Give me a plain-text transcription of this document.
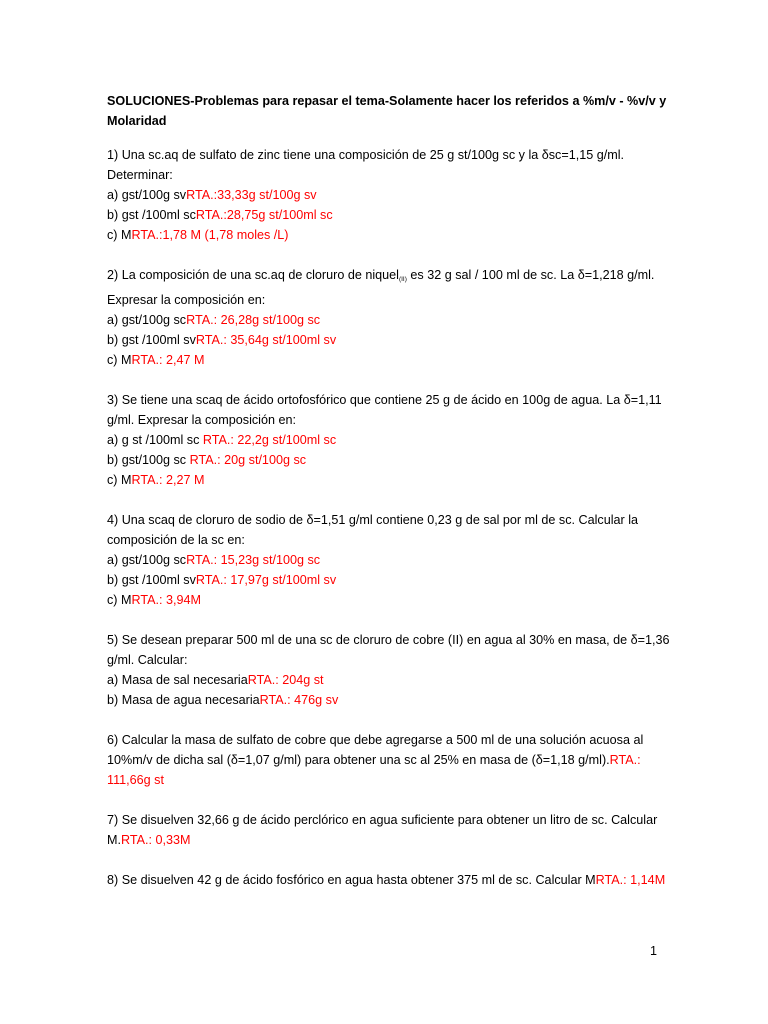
SOLUCIONES-Problemas para repasar el tema-Solamente hacer los referidos a %m/v - %v/v y Molaridad

1) Una sc.aq de sulfato de zinc tiene una composición de 25 g st/100g sc y la δsc=1,15 g/ml. Determinar:

a) gst/100g svRTA.:33,33g st/100g sv

b) gst /100ml scRTA.:28,75g st/100ml sc

c) MRTA.:1,78 M (1,78 moles /L)

2) La composición de una sc.aq de cloruro de niquel$_{(II)}$ es 32 g sal / 100 ml de sc. La δ=1,218 g/ml. Expresar la composición en:

a) gst/100g scRTA.: 26,28g st/100g sc

b) gst /100ml svRTA.: 35,64g st/100ml sv

c) MRTA.: 2,47 M

3) Se tiene una scaq de ácido ortofosfórico que contiene 25 g de ácido en 100g de agua. La δ=1,11 g/ml. Expresar la composición en:

a) g st /100ml sc RTA.: 22,2g st/100ml sc

b) gst/100g sc RTA.: 20g st/100g sc

c) MRTA.: 2,27 M

4) Una scaq de cloruro de sodio de δ=1,51 g/ml contiene 0,23 g de sal por ml de sc. Calcular la composición de la sc en:

a) gst/100g scRTA.: 15,23g st/100g sc

b) gst /100ml svRTA.: 17,97g st/100ml sv

c) MRTA.: 3,94M

5) Se desean preparar 500 ml de una sc de cloruro de cobre (II) en agua al 30% en masa, de δ=1,36 g/ml. Calcular:

a) Masa de sal necesariaRTA.: 204g st

b) Masa de agua necesariaRTA.: 476g sv

6) Calcular la masa de sulfato de cobre que debe agregarse a 500 ml de una solución acuosa al 10%m/v de dicha sal (δ=1,07 g/ml) para obtener una sc al 25% en masa de (δ=1,18 g/ml).RTA.: 111,66g st

7) Se disuelven 32,66 g de ácido perclórico en agua suficiente para obtener un litro de sc. Calcular M.RTA.: 0,33M

8) Se disuelven 42 g de ácido fosfórico en agua hasta obtener 375 ml de sc. Calcular MRTA.: 1,14M

1
